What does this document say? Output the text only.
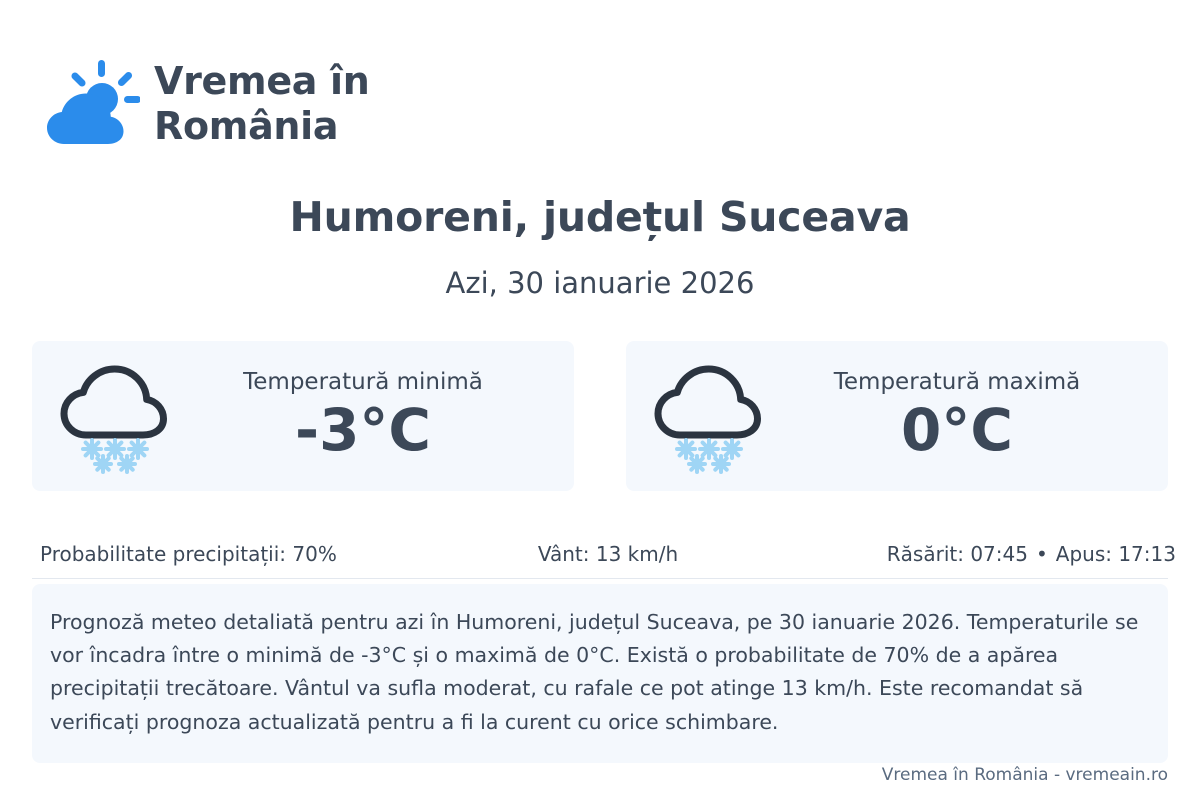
Vremea în România
Humoreni, județul Suceava
Azi, 30 ianuarie 2026
Temperatură minimă
-3°C
Temperatură maximă
0°C
Probabilitate precipitații: 70%	Vânt: 13 km/h	Răsărit: 07:45 • Apus: 17:13
Prognoză meteo detaliată pentru azi în Humoreni, județul Suceava, pe 30 ianuarie 2026. Temperaturile se vor încadra între o minimă de -3°C și o maximă de 0°C. Există o probabilitate de 70% de a apărea precipitații trecătoare. Vântul va sufla moderat, cu rafale ce pot atinge 13 km/h. Este recomandat să verificați prognoza actualizată pentru a fi la curent cu orice schimbare.
Vremea în România - vremeain.ro
